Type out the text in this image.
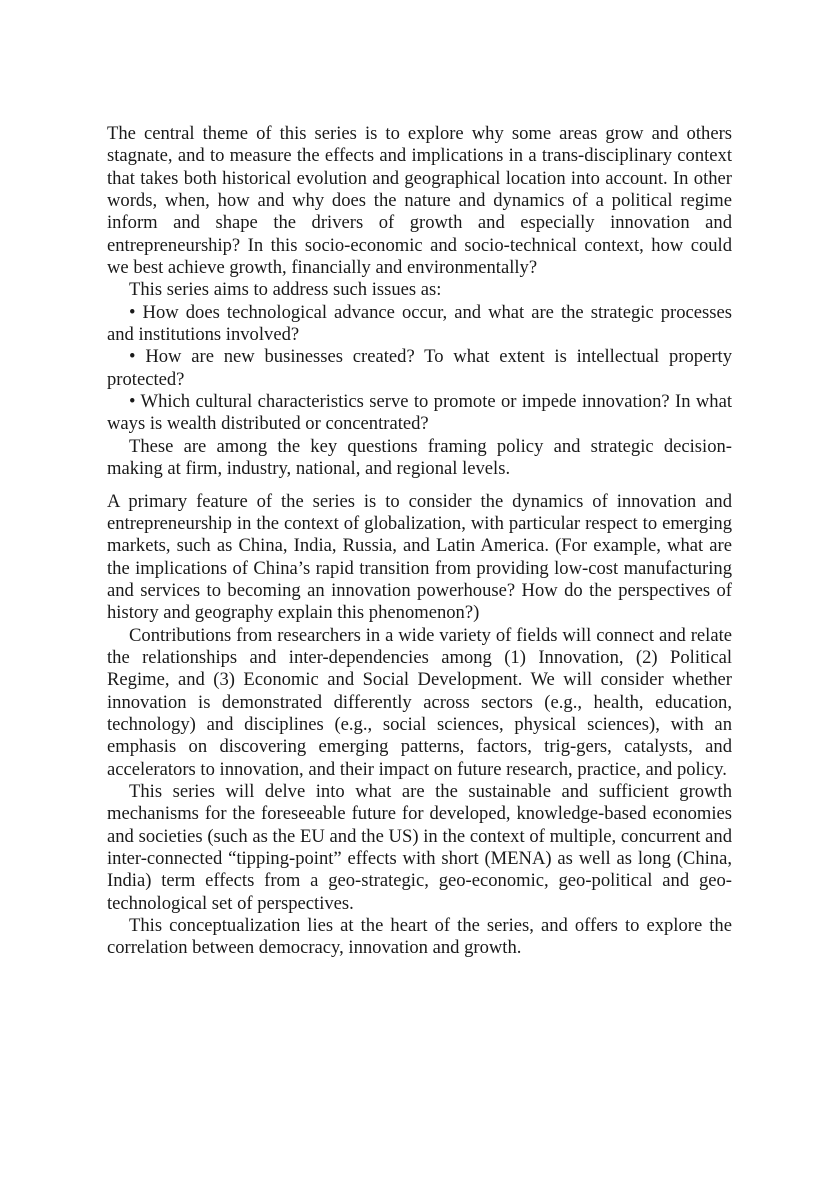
The central theme of this series is to explore why some areas grow and others stagnate, and to measure the effects and implications in a trans-disciplinary context that takes both historical evolution and geographical location into account. In other words, when, how and why does the nature and dynamics of a political regime inform and shape the drivers of growth and especially innovation and entrepreneurship? In this socio-economic and socio-technical context, how could we best achieve growth, financially and environmentally?

This series aims to address such issues as:

• How does technological advance occur, and what are the strategic processes and institutions involved?

• How are new businesses created? To what extent is intellectual property protected?

• Which cultural characteristics serve to promote or impede innovation? In what ways is wealth distributed or concentrated?

These are among the key questions framing policy and strategic decision-making at firm, industry, national, and regional levels.

A primary feature of the series is to consider the dynamics of innovation and entrepreneurship in the context of globalization, with particular respect to emerging markets, such as China, India, Russia, and Latin America. (For example, what are the implications of China’s rapid transition from providing low-cost manufacturing and services to becoming an innovation powerhouse? How do the perspectives of history and geography explain this phenomenon?)

Contributions from researchers in a wide variety of fields will connect and relate the relationships and inter-dependencies among (1) Innovation, (2) Political Regime, and (3) Economic and Social Development. We will consider whether innovation is demonstrated differently across sectors (e.g., health, education, technology) and disciplines (e.g., social sciences, physical sciences), with an emphasis on discovering emerging patterns, factors, trig-gers, catalysts, and accelerators to innovation, and their impact on future research, practice, and policy.

This series will delve into what are the sustainable and sufficient growth mechanisms for the foreseeable future for developed, knowledge-based economies and societies (such as the EU and the US) in the context of multiple, concurrent and inter-connected “tipping-point” effects with short (MENA) as well as long (China, India) term effects from a geo-strategic, geo-economic, geo-political and geo-technological set of perspectives.

This conceptualization lies at the heart of the series, and offers to explore the correlation between democracy, innovation and growth.
